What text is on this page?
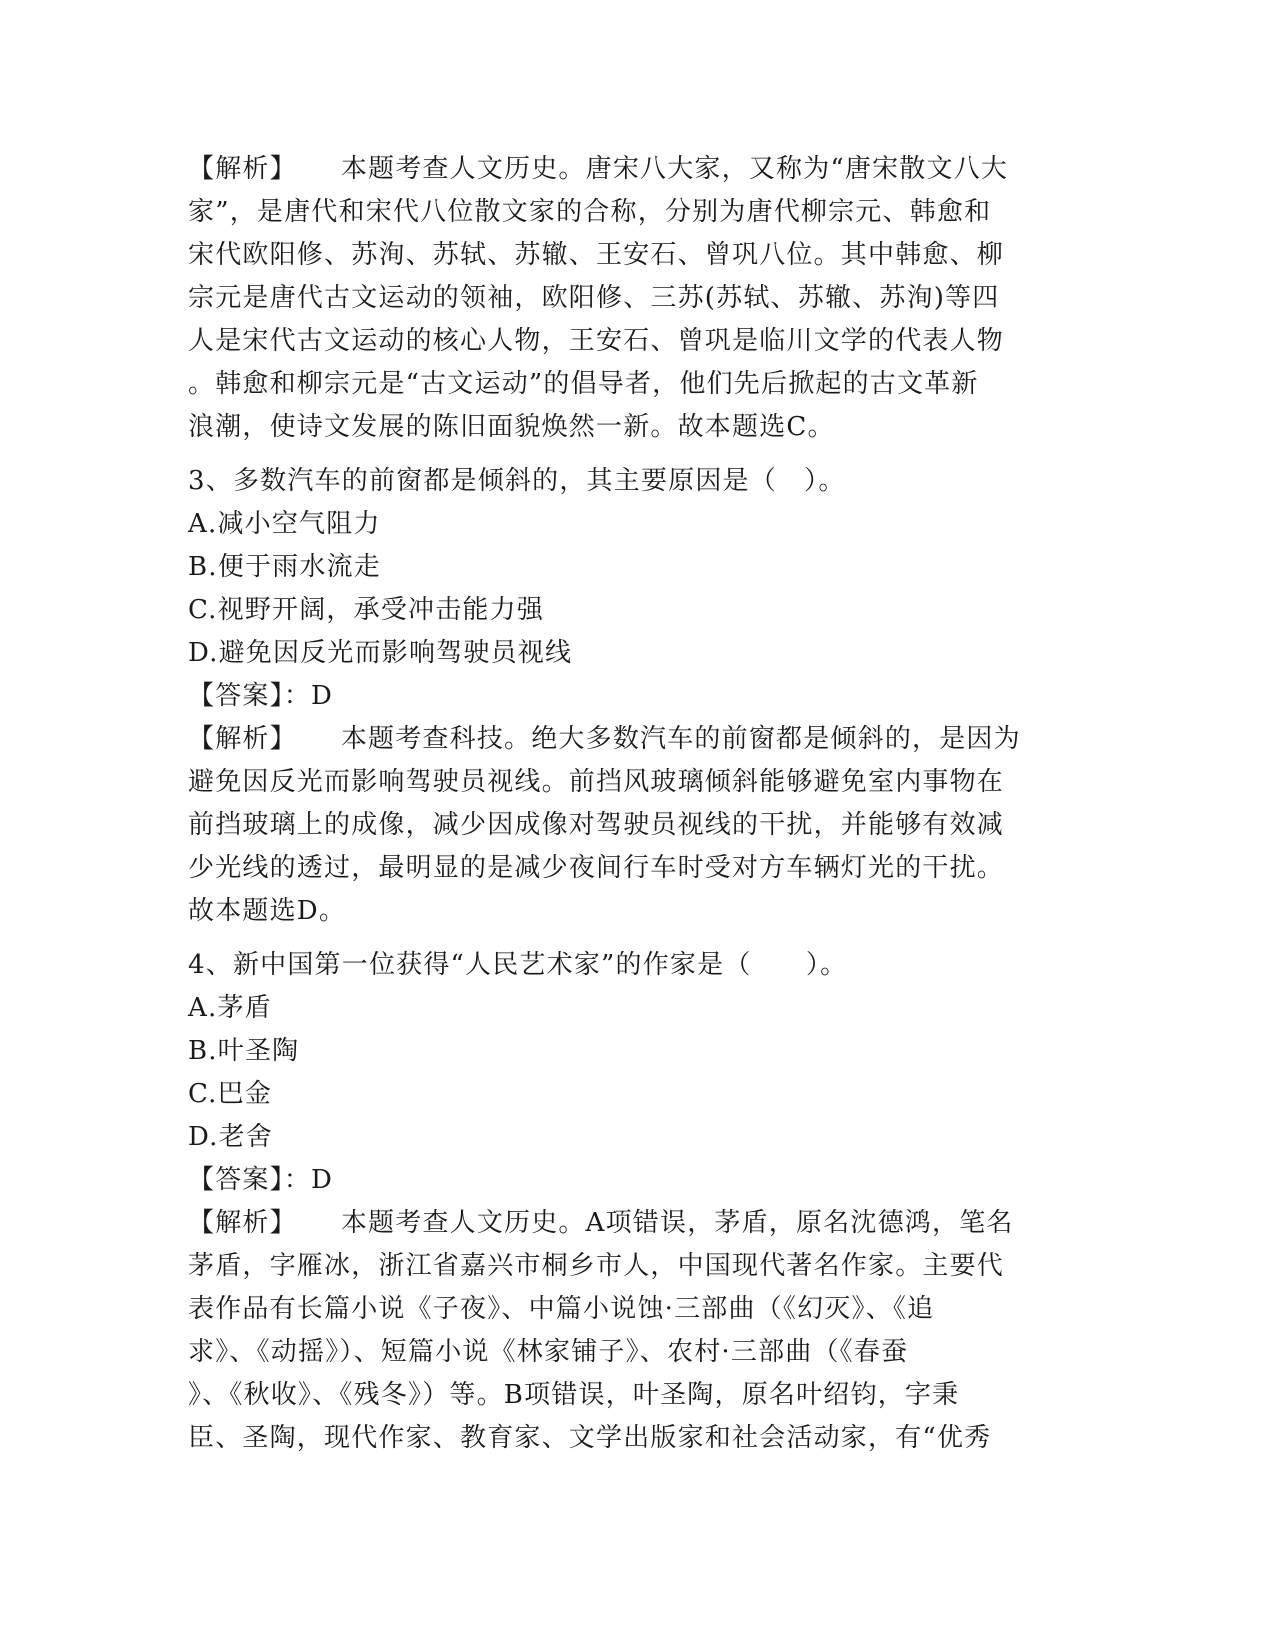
【解析】 本题考查人文历史。唐宋八大家，又称为“唐宋散文八大
家”，是唐代和宋代八位散文家的合称，分别为唐代柳宗元、韩愈和
宋代欧阳修、苏洵、苏轼、苏辙、王安石、曾巩八位。其中韩愈、柳
宗元是唐代古文运动的领袖，欧阳修、三苏(苏轼、苏辙、苏洵)等四
人是宋代古文运动的核心人物，王安石、曾巩是临川文学的代表人物
。韩愈和柳宗元是“古文运动”的倡导者，他们先后掀起的古文革新
浪潮，使诗文发展的陈旧面貌焕然一新。故本题选C。
3、多数汽车的前窗都是倾斜的，其主要原因是（　）。
A.减小空气阻力
B.便于雨水流走
C.视野开阔，承受冲击能力强
D.避免因反光而影响驾驶员视线
【答案】：D
【解析】 本题考查科技。绝大多数汽车的前窗都是倾斜的，是因为
避免因反光而影响驾驶员视线。前挡风玻璃倾斜能够避免室内事物在
前挡玻璃上的成像，减少因成像对驾驶员视线的干扰，并能够有效减
少光线的透过，最明显的是减少夜间行车时受对方车辆灯光的干扰。
故本题选D。
4、新中国第一位获得“人民艺术家”的作家是（　　）。
A.茅盾
B.叶圣陶
C.巴金
D.老舍
【答案】：D
【解析】 本题考查人文历史。A项错误，茅盾，原名沈德鸿，笔名
茅盾，字雁冰，浙江省嘉兴市桐乡市人，中国现代著名作家。主要代
表作品有长篇小说《子夜》、中篇小说蚀·三部曲（《幻灭》、《追
求》、《动摇》）、短篇小说《林家铺子》、农村·三部曲（《春蚕
》、《秋收》、《残冬》）等。B项错误，叶圣陶，原名叶绍钧，字秉
臣、圣陶，现代作家、教育家、文学出版家和社会活动家，有“优秀
